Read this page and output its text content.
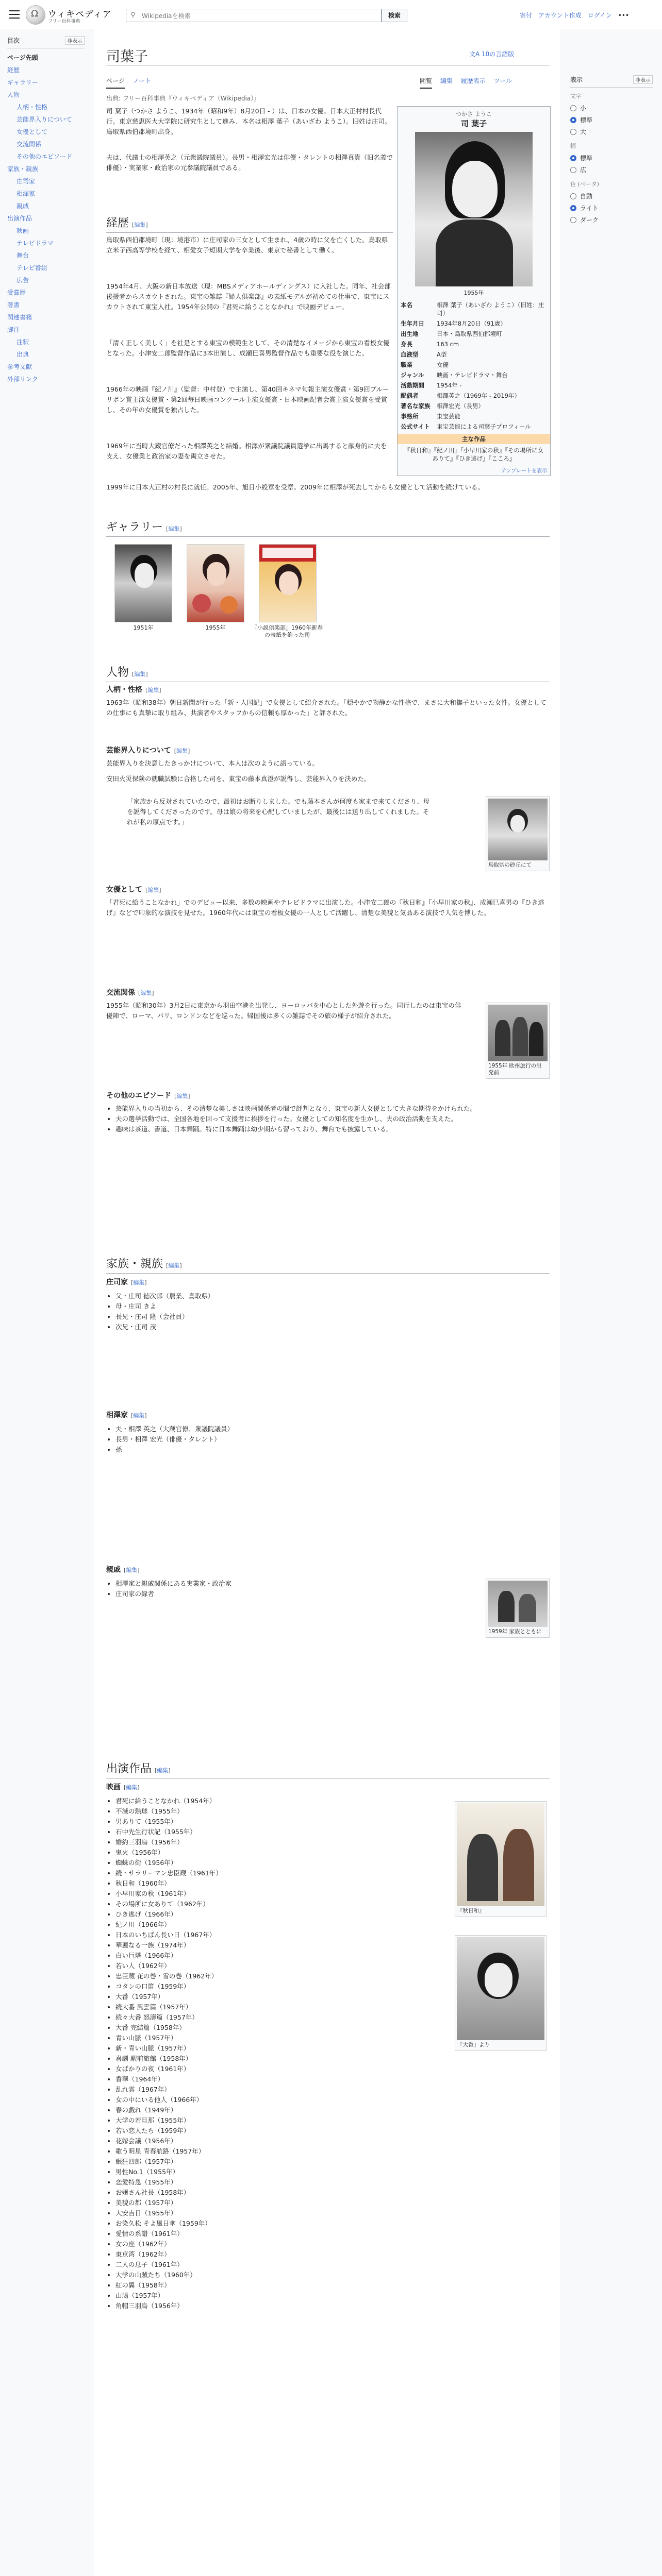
Ω ウィキペディア
フリー百科事典
⚲
Wikipediaを検索	検索	寄付 アカウント作成 ログイン •••
目次	非表示
ページ先頭
経歴
ギャラリー
人物
人柄・性格
芸能界入りについて
女優として
交流関係
その他のエピソード
家族・親族
庄司家
相澤家
親戚
出演作品
映画
テレビドラマ
舞台
テレビ番組
広告
受賞歴
著書
関連書籍
脚注
注釈
出典
参考文献
外部リンク
表示	非表示
文字
小
標準
大
幅
標準
広
色 (ベータ)
自動
ライト
ダーク
司葉子	文A 10の言語版
ページ ノート	閲覧 編集 履歴表示 ツール
出典: フリー百科事典『ウィキペディア（Wikipedia）』
司 葉子（つかさ ようこ、1934年（昭和9年）8月20日 - ）は、日本の女優。日本大正村村長代行。東京慈恵医大大学院に研究生として進み、本名は相澤 葉子（あいざわ ようこ）。旧姓は庄司。鳥取県西伯郡境町出身。
夫は、代議士の相澤英之（元衆議院議員）。長男・相澤宏光は俳優・タレントの相澤真貴（旧名義で俳優）・実業家・政治家の元参議院議員である。
つかさ ようこ
司 葉子
1955年
本名	相澤 葉子（あいざわ ようこ）（旧姓：庄司）
生年月日	1934年8月20日（91歳）
出生地	日本・鳥取県西伯郡境町
身長	163 cm
血液型	A型
職業	女優
ジャンル	映画・テレビドラマ・舞台
活動期間	1954年 -
配偶者	相澤英之（1969年 - 2019年）
著名な家族	相澤宏光（長男）
事務所	東宝芸能
公式サイト	東宝芸能による司葉子プロフィール
主な作品
『秋日和』『紀ノ川』『小早川家の秋』『その場所に女ありて』『ひき逃げ』『こころ』
テンプレートを表示
経歴 [編集]
鳥取県西伯郡境町（現：境港市）に庄司家の三女として生まれ、4歳の時に父を亡くした。鳥取県立米子西高等学校を経て、相愛女子短期大学を卒業後、東京で秘書として働く。
1954年4月、大阪の新日本放送（現：MBSメディアホールディングス）に入社した。同年、社会部後援者からスカウトされた。東宝の雑誌『婦人倶楽部』の表紙モデルが初めての仕事で、東宝にスカウトされて東宝入社。1954年公開の『君死に給うことなかれ』で映画デビュー。
「清く正しく美しく」を社是とする東宝の模範生として、その清楚なイメージから東宝の看板女優となった。小津安二郎監督作品に3本出演し、成瀬巳喜男監督作品でも重要な役を演じた。
1966年の映画『紀ノ川』（監督：中村登）で主演し、第40回キネマ旬報主演女優賞・第9回ブルーリボン賞主演女優賞・第2回毎日映画コンクール主演女優賞・日本映画記者会賞主演女優賞を受賞し、その年の女優賞を独占した。
1969年に当時大蔵官僚だった相澤英之と結婚。相澤が衆議院議員選挙に出馬すると献身的に夫を支え、女優業と政治家の妻を両立させた。
1999年に日本大正村の村長に就任。2005年、旭日小綬章を受章。2009年に相澤が死去してからも女優として活動を続けている。
ギャラリー [編集]
1951年	1955年	『小説倶楽部』1960年新春の表紙を飾った司
人物 [編集]
人柄・性格 [編集]
1963年（昭和38年）朝日新聞が行った「新・人国記」で女優として紹介された。「穏やかで物静かな性格で、まさに大和撫子といった女性。女優としての仕事にも真摯に取り組み、共演者やスタッフからの信頼も厚かった」と評された。
芸能界入りについて [編集]
芸能界入りを決意したきっかけについて、本人は次のように語っている。
安田火災保険の就職試験に合格した司を、東宝の藤本真澄が説得し、芸能界入りを決めた。
「家族から反対されていたので、最初はお断りしました。でも藤本さんが何度も家まで来てくださり、母を説得してくださったのです。母は娘の将来を心配していましたが、最後には送り出してくれました。それが私の原点です。」
鳥取県の砂丘にて
女優として [編集]
「君死に給うことなかれ」でのデビュー以来、多数の映画やテレビドラマに出演した。小津安二郎の『秋日和』『小早川家の秋』、成瀬巳喜男の『ひき逃げ』などで印象的な演技を見せた。1960年代には東宝の看板女優の一人として活躍し、清楚な美貌と気品ある演技で人気を博した。
交流関係 [編集]
1955年（昭和30年）3月2日に東京から羽田空港を出発し、ヨーロッパを中心とした外遊を行った。同行したのは東宝の俳優陣で、ローマ、パリ、ロンドンなどを巡った。帰国後は多くの雑誌でその旅の様子が紹介された。
1955年 欧州旅行の出発前
その他のエピソード [編集]
• 芸能界入りの当初から、その清楚な美しさは映画関係者の間で評判となり、東宝の新人女優として大きな期待をかけられた。
• 夫の選挙活動では、全国各地を回って支援者に挨拶を行った。女優としての知名度を生かし、夫の政治活動を支えた。
• 趣味は茶道、書道、日本舞踊。特に日本舞踊は幼少期から習っており、舞台でも披露している。
家族・親族 [編集]
庄司家 [編集]
• 父・庄司 徳次郎（農業、鳥取県）
• 母・庄司 きよ
• 長兄・庄司 隆（会社員）
• 次兄・庄司 茂
相澤家 [編集]
• 夫・相澤 英之（大蔵官僚、衆議院議員）
• 長男・相澤 宏光（俳優・タレント）
• 孫
親戚 [編集]
• 相澤家と親戚関係にある実業家・政治家
• 庄司家の縁者
1959年 家族とともに
出演作品 [編集]
映画 [編集]
• 君死に給うことなかれ（1954年）
• 不滅の熱球（1955年）
• 男ありて（1955年）
• 石中先生行状記（1955年）
• 婚約三羽烏（1956年）
• 鬼火（1956年）
• 蜘蛛の街（1956年）
• 続・サラリーマン忠臣蔵（1961年）
• 秋日和（1960年）
• 小早川家の秋（1961年）
• その場所に女ありて（1962年）
• ひき逃げ（1966年）
• 紀ノ川（1966年）
• 日本のいちばん長い日（1967年）
• 華麗なる一族（1974年）
• 白い巨塔（1966年）
• 若い人（1962年）
• 忠臣蔵 花の巻・雪の巻（1962年）
• コタンの口笛（1959年）
• 大番（1957年）
• 続大番 風雲篇（1957年）
• 続々大番 怒濤篇（1957年）
• 大番 完結篇（1958年）
• 青い山脈（1957年）
• 新・青い山脈（1957年）
• 喜劇 駅前旅館（1958年）
• 女ばかりの夜（1961年）
• 香華（1964年）
• 乱れ雲（1967年）
• 女の中にいる他人（1966年）
• 春の戯れ（1949年）
• 大学の若旦那（1955年）
• 若い恋人たち（1959年）
• 花嫁会議（1956年）
• 歌う明星 青春航路（1957年）
• 眠狂四郎（1957年）
• 男性No.1（1955年）
• 恋愛特急（1955年）
• お嬢さん社長（1958年）
• 美貌の都（1957年）
• 大安吉日（1955年）
• お染久松 そよ風日傘（1959年）
• 愛情の系譜（1961年）
• 女の座（1962年）
• 東京湾（1962年）
• 二人の息子（1961年）
• 大学の山賊たち（1960年）
• 紅の翼（1958年）
• 山鳩（1957年）
• 角帽三羽烏（1956年）
『秋日和』
『大番』より
